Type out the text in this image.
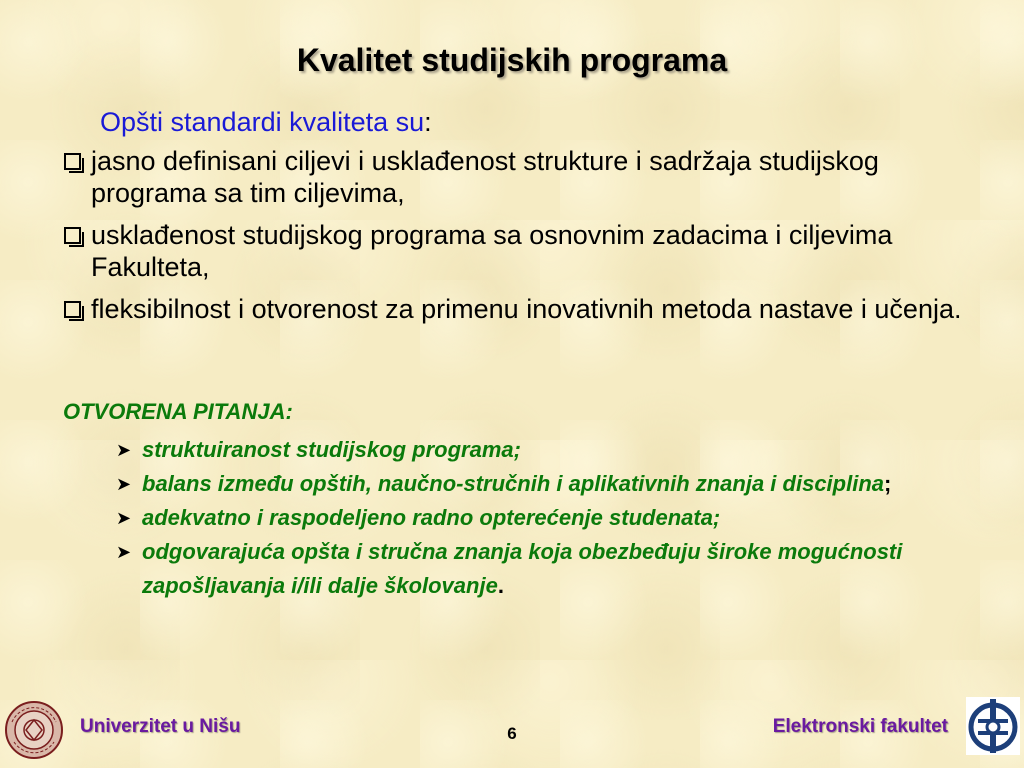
Kvalitet studijskih programa
Opšti standardi kvaliteta su:
jasno definisani ciljevi i usklađenost strukture i sadržaja studijskog programa sa tim ciljevima,
usklađenost studijskog programa sa osnovnim zadacima i ciljevima Fakulteta,
fleksibilnost i otvorenost za primenu inovativnih metoda nastave i učenja.
OTVORENA PITANJA:
➤ struktuiranost studijskog programa;
➤ balans između opštih, naučno-stručnih i aplikativnih znanja i disciplina;
➤ adekvatno i raspodeljeno radno opterećenje studenata;
➤ odgovarajuća opšta i stručna znanja koja obezbeđuju široke mogućnosti zapošljavanja i/ili dalje školovanje.
Univerzitet u Nišu	6	Elektronski fakultet
